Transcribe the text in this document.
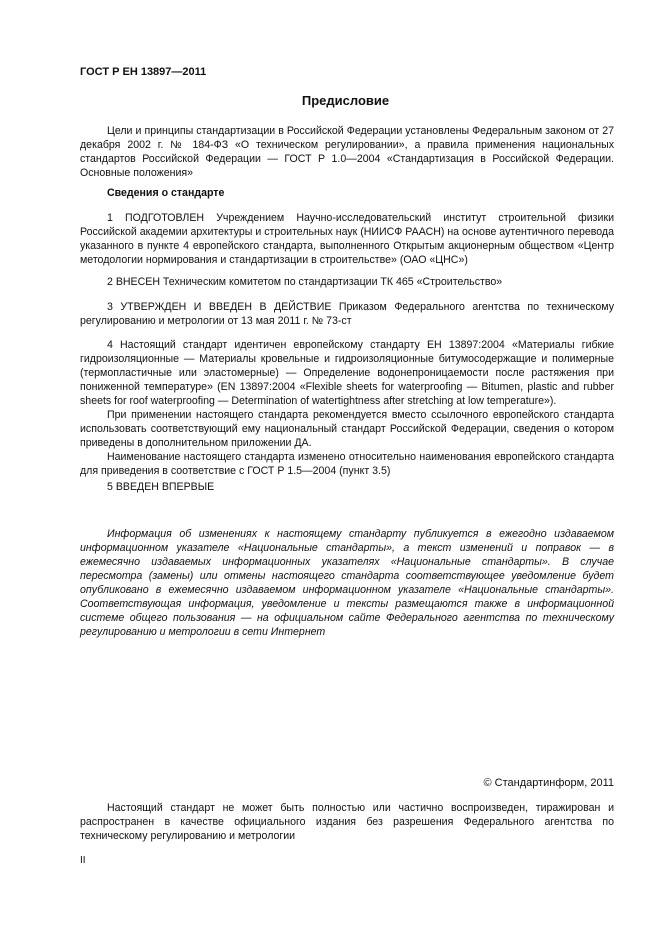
ГОСТ Р ЕН 13897—2011
Предисловие

Цели и принципы стандартизации в Российской Федерации установлены Федеральным законом от 27 декабря 2002 г. № 184-ФЗ «О техническом регулировании», а правила применения национальных стандартов Российской Федерации — ГОСТ Р 1.0—2004 «Стандартизация в Российской Федерации. Основные положения»

Сведения о стандарте

1 ПОДГОТОВЛЕН Учреждением Научно-исследовательский институт строительной физики Российской академии архитектуры и строительных наук (НИИСФ РААСН) на основе аутентичного перевода указанного в пункте 4 европейского стандарта, выполненного Открытым акционерным обществом «Центр методологии нормирования и стандартизации в строительстве» (ОАО «ЦНС»)

2 ВНЕСЕН Техническим комитетом по стандартизации ТК 465 «Строительство»

3 УТВЕРЖДЕН И ВВЕДЕН В ДЕЙСТВИЕ Приказом Федерального агентства по техническому регулированию и метрологии от 13 мая 2011 г. № 73-ст

4 Настоящий стандарт идентичен европейскому стандарту ЕН 13897:2004 «Материалы гибкие гидроизоляционные — Материалы кровельные и гидроизоляционные битумосодержащие и полимерные (термопластичные или эластомерные) — Определение водонепроницаемости после растяжения при пониженной температуре» (EN 13897:2004 «Flexible sheets for waterproofing — Bitumen, plastic and rubber sheets for roof waterproofing — Determination of watertightness after stretching at low temperature»).

При применении настоящего стандарта рекомендуется вместо ссылочного европейского стандарта использовать соответствующий ему национальный стандарт Российской Федерации, сведения о котором приведены в дополнительном приложении ДА.

Наименование настоящего стандарта изменено относительно наименования европейского стандарта для приведения в соответствие с ГОСТ Р 1.5—2004 (пункт 3.5)

5 ВВЕДЕН ВПЕРВЫЕ

Информация об изменениях к настоящему стандарту публикуется в ежегодно издаваемом информационном указателе «Национальные стандарты», а текст изменений и поправок — в ежемесячно издаваемых информационных указателях «Национальные стандарты». В случае пересмотра (замены) или отмены настоящего стандарта соответствующее уведомление будет опубликовано в ежемесячно издаваемом информационном указателе «Национальные стандарты». Соответствующая информация, уведомление и тексты размещаются также в информационной системе общего пользования — на официальном сайте Федерального агентства по техническому регулированию и метрологии в сети Интернет

© Стандартинформ, 2011

Настоящий стандарт не может быть полностью или частично воспроизведен, тиражирован и распространен в качестве официального издания без разрешения Федерального агентства по техническому регулированию и метрологии

II
